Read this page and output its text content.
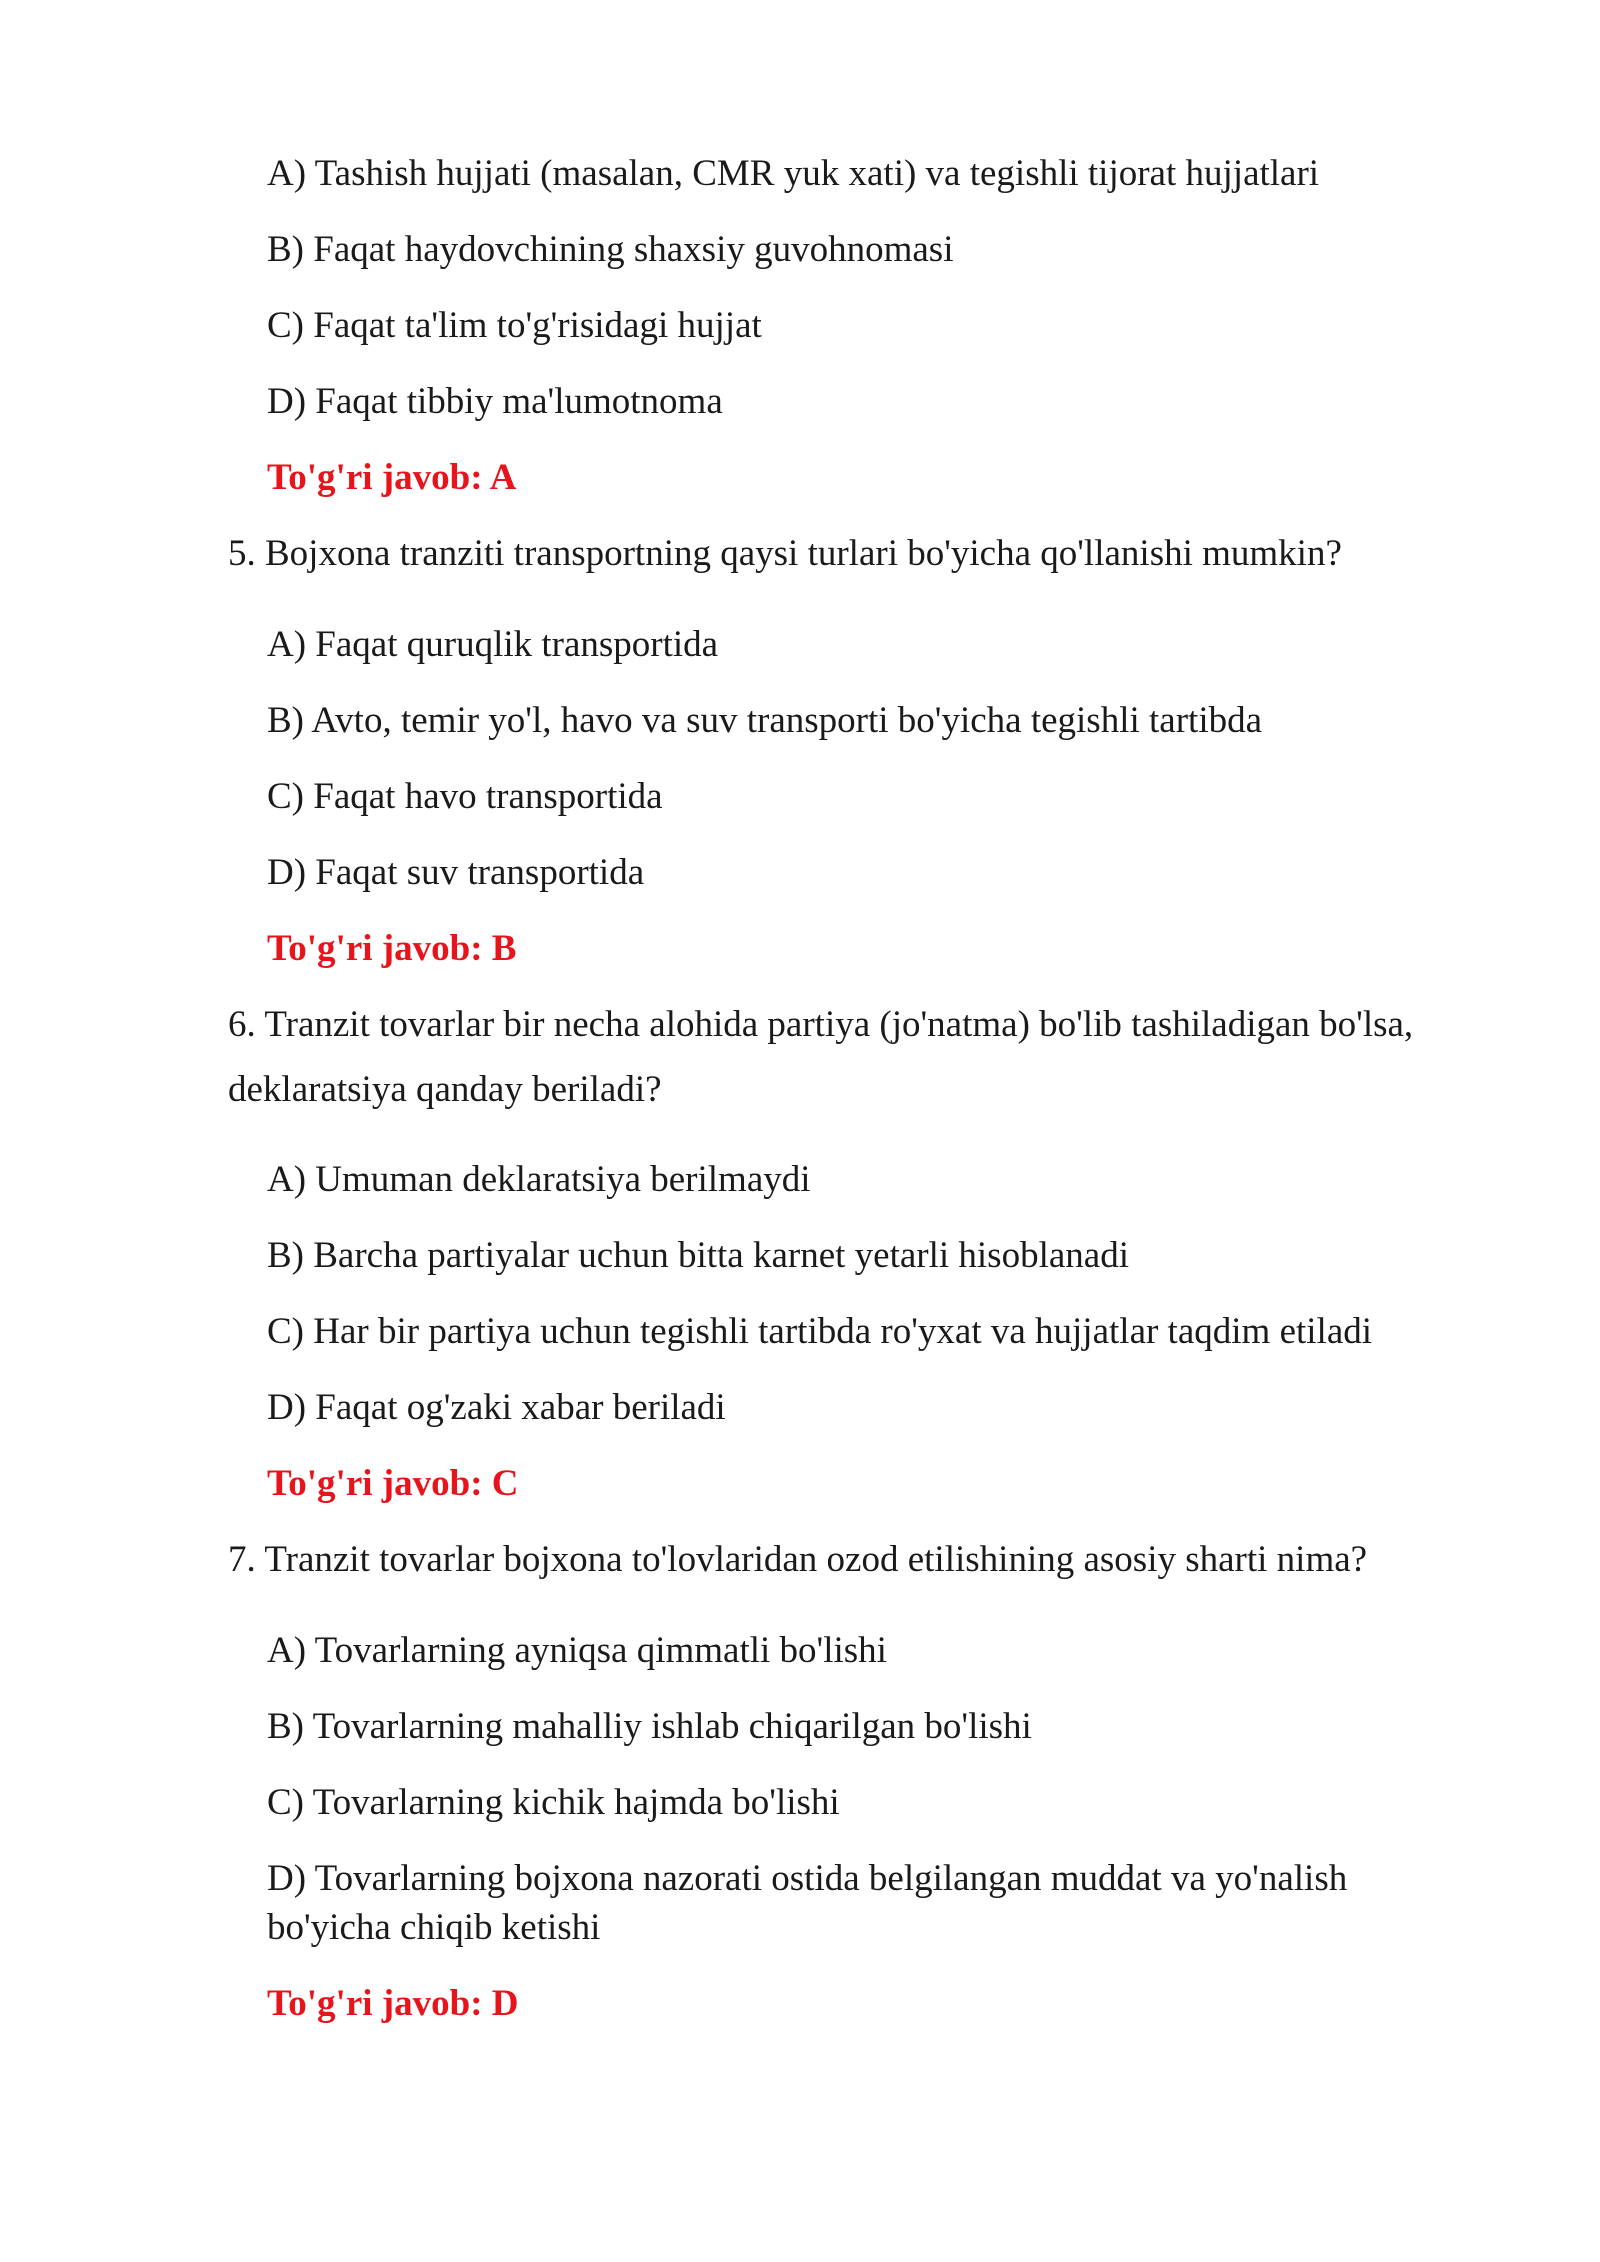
A) Tashish hujjati (masalan, CMR yuk xati) va tegishli tijorat hujjatlari
B) Faqat haydovchining shaxsiy guvohnomasi
C) Faqat ta'lim to'g'risidagi hujjat
D) Faqat tibbiy ma'lumotnoma
To'g'ri javob: A
5. Bojxona tranziti transportning qaysi turlari bo'yicha qo'llanishi mumkin?
A) Faqat quruqlik transportida
B) Avto, temir yo'l, havo va suv transporti bo'yicha tegishli tartibda
C) Faqat havo transportida
D) Faqat suv transportida
To'g'ri javob: B
6. Tranzit tovarlar bir necha alohida partiya (jo'natma) bo'lib tashiladigan bo'lsa,
deklaratsiya qanday beriladi?
A) Umuman deklaratsiya berilmaydi
B) Barcha partiyalar uchun bitta karnet yetarli hisoblanadi
C) Har bir partiya uchun tegishli tartibda ro'yxat va hujjatlar taqdim etiladi
D) Faqat og'zaki xabar beriladi
To'g'ri javob: C
7. Tranzit tovarlar bojxona to'lovlaridan ozod etilishining asosiy sharti nima?
A) Tovarlarning ayniqsa qimmatli bo'lishi
B) Tovarlarning mahalliy ishlab chiqarilgan bo'lishi
C) Tovarlarning kichik hajmda bo'lishi
D) Tovarlarning bojxona nazorati ostida belgilangan muddat va yo'nalish
bo'yicha chiqib ketishi
To'g'ri javob: D
